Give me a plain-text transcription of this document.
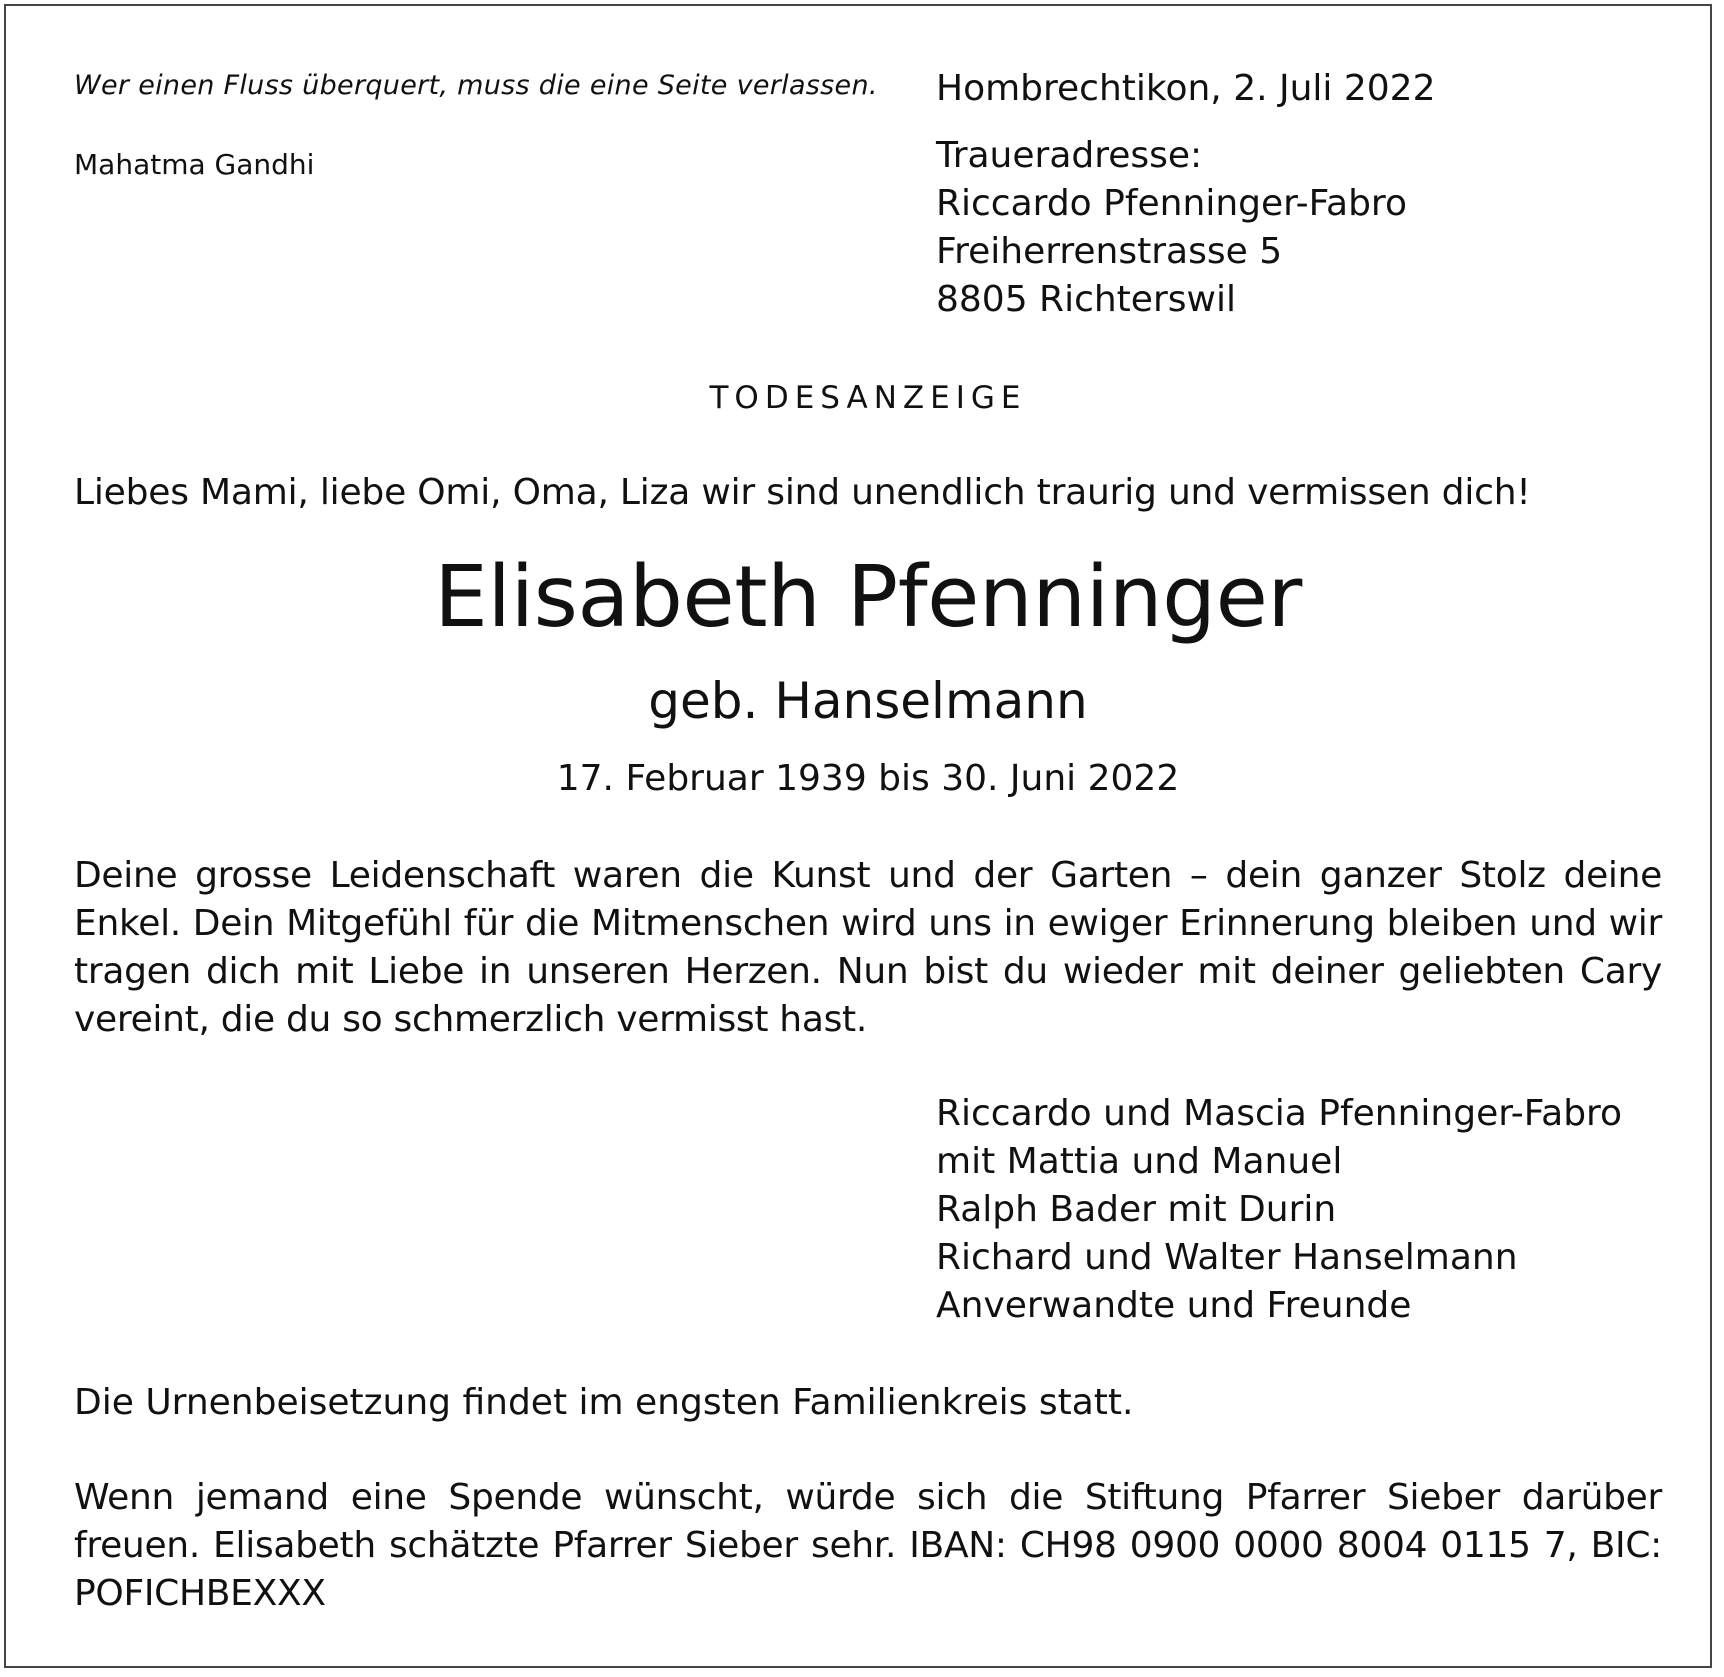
Wer einen Fluss überquert, muss die eine Seite verlassen.
Mahatma Gandhi
Hombrechtikon, 2. Juli 2022
Traueradresse:
Riccardo Pfenninger-Fabro
Freiherrenstrasse 5
8805 Richterswil
TODESANZEIGE
Liebes Mami, liebe Omi, Oma, Liza wir sind unendlich traurig und vermissen dich!
Elisabeth Pfenninger
geb. Hanselmann
17. Februar 1939 bis 30. Juni 2022
Deine grosse Leidenschaft waren die Kunst und der Garten – dein ganzer Stolz deine Enkel. Dein Mitgefühl für die Mitmenschen wird uns in ewiger Erinnerung bleiben und wir tragen dich mit Liebe in unseren Herzen. Nun bist du wieder mit deiner geliebten Cary vereint, die du so schmerzlich vermisst hast.
Riccardo und Mascia Pfenninger-Fabro
mit Mattia und Manuel
Ralph Bader mit Durin
Richard und Walter Hanselmann
Anverwandte und Freunde
Die Urnenbeisetzung findet im engsten Familienkreis statt.
Wenn jemand eine Spende wünscht, würde sich die Stiftung Pfarrer Sieber darüber freuen. Elisabeth schätzte Pfarrer Sieber sehr. IBAN: CH98 0900 0000 8004 0115 7, BIC: POFICHBEXXX
